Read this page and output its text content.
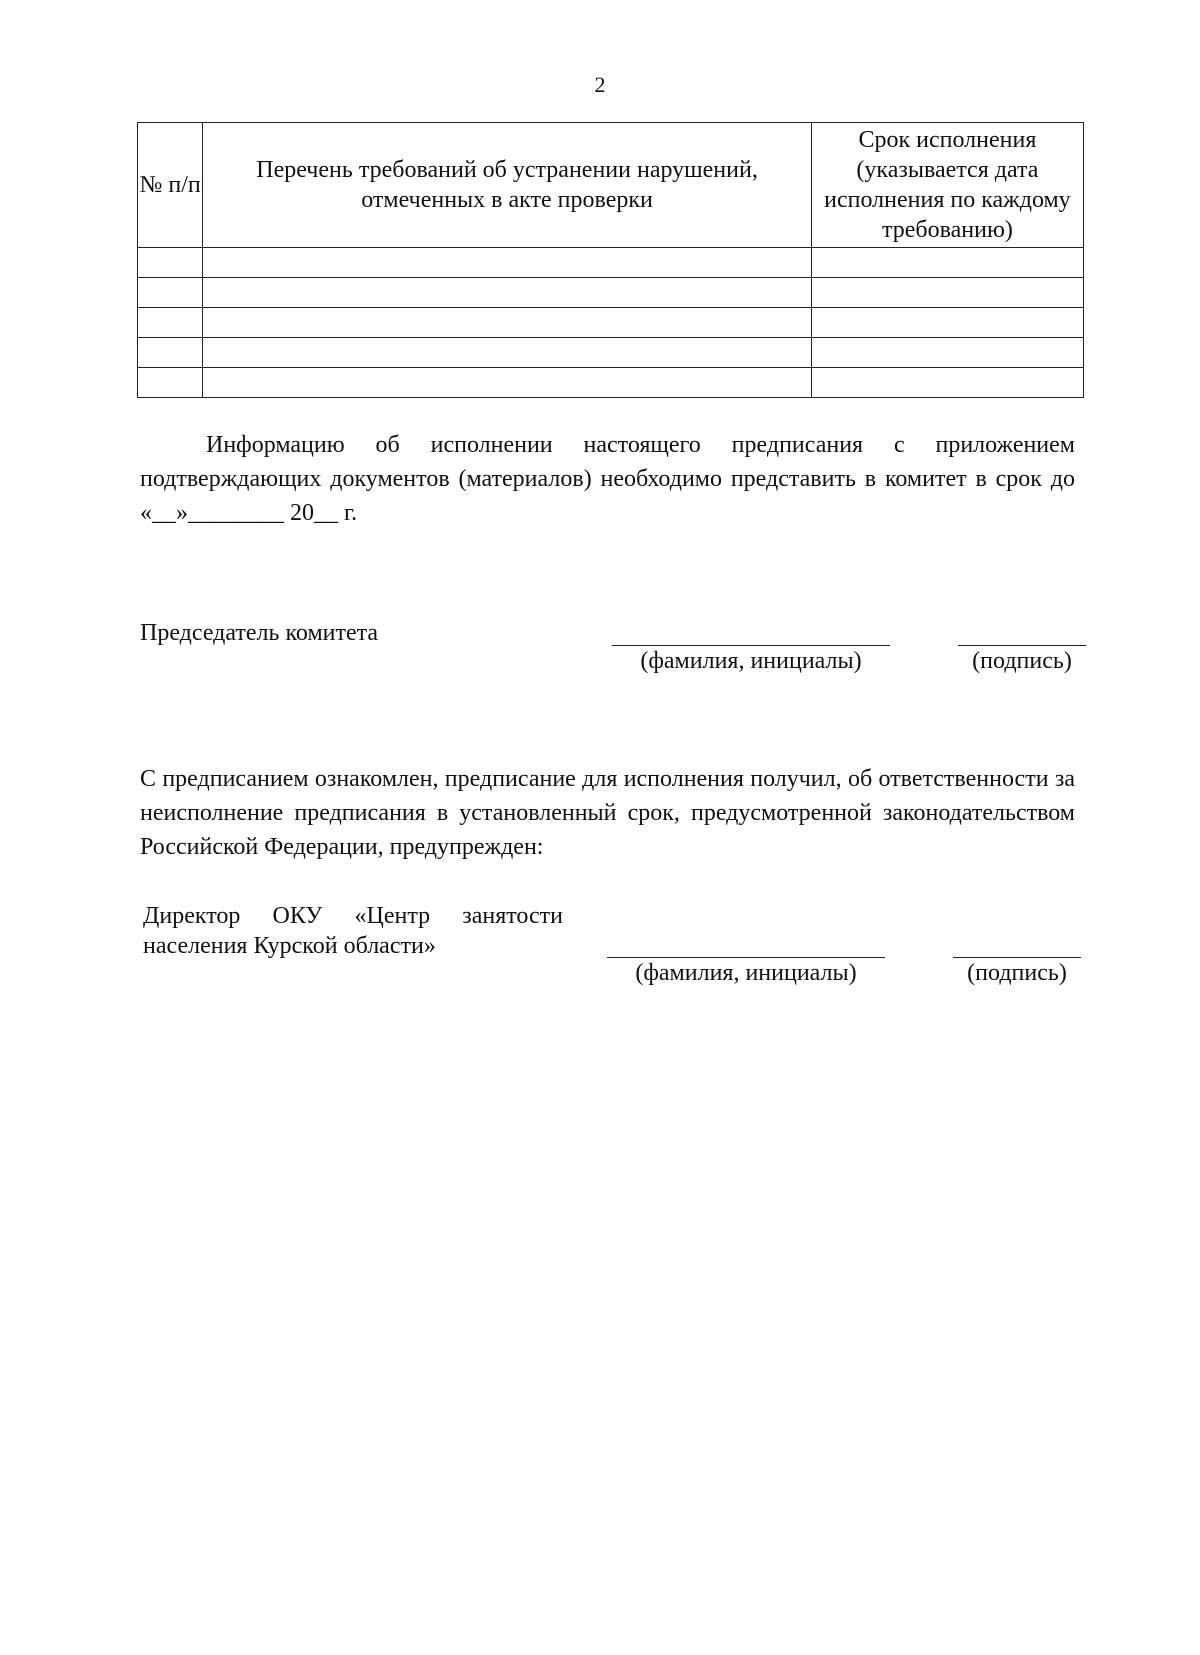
2
№ п/п	Перечень требований об устранении нарушений, отмеченных в акте проверки	Срок исполнения (указывается дата исполнения по каждому требованию)

Информацию об исполнении настоящего предписания с приложением подтверждающих документов (материалов) необходимо представить в комитет в срок до «__»________ 20__ г.
Председатель комитета
(фамилия, инициалы)	(подпись)
С предписанием ознакомлен, предписание для исполнения получил, об ответственности за неисполнение предписания в установленный срок, предусмотренной законодательством Российской Федерации, предупрежден:
Директор ОКУ «Центр занятости населения Курской области»
(фамилия, инициалы)	(подпись)
